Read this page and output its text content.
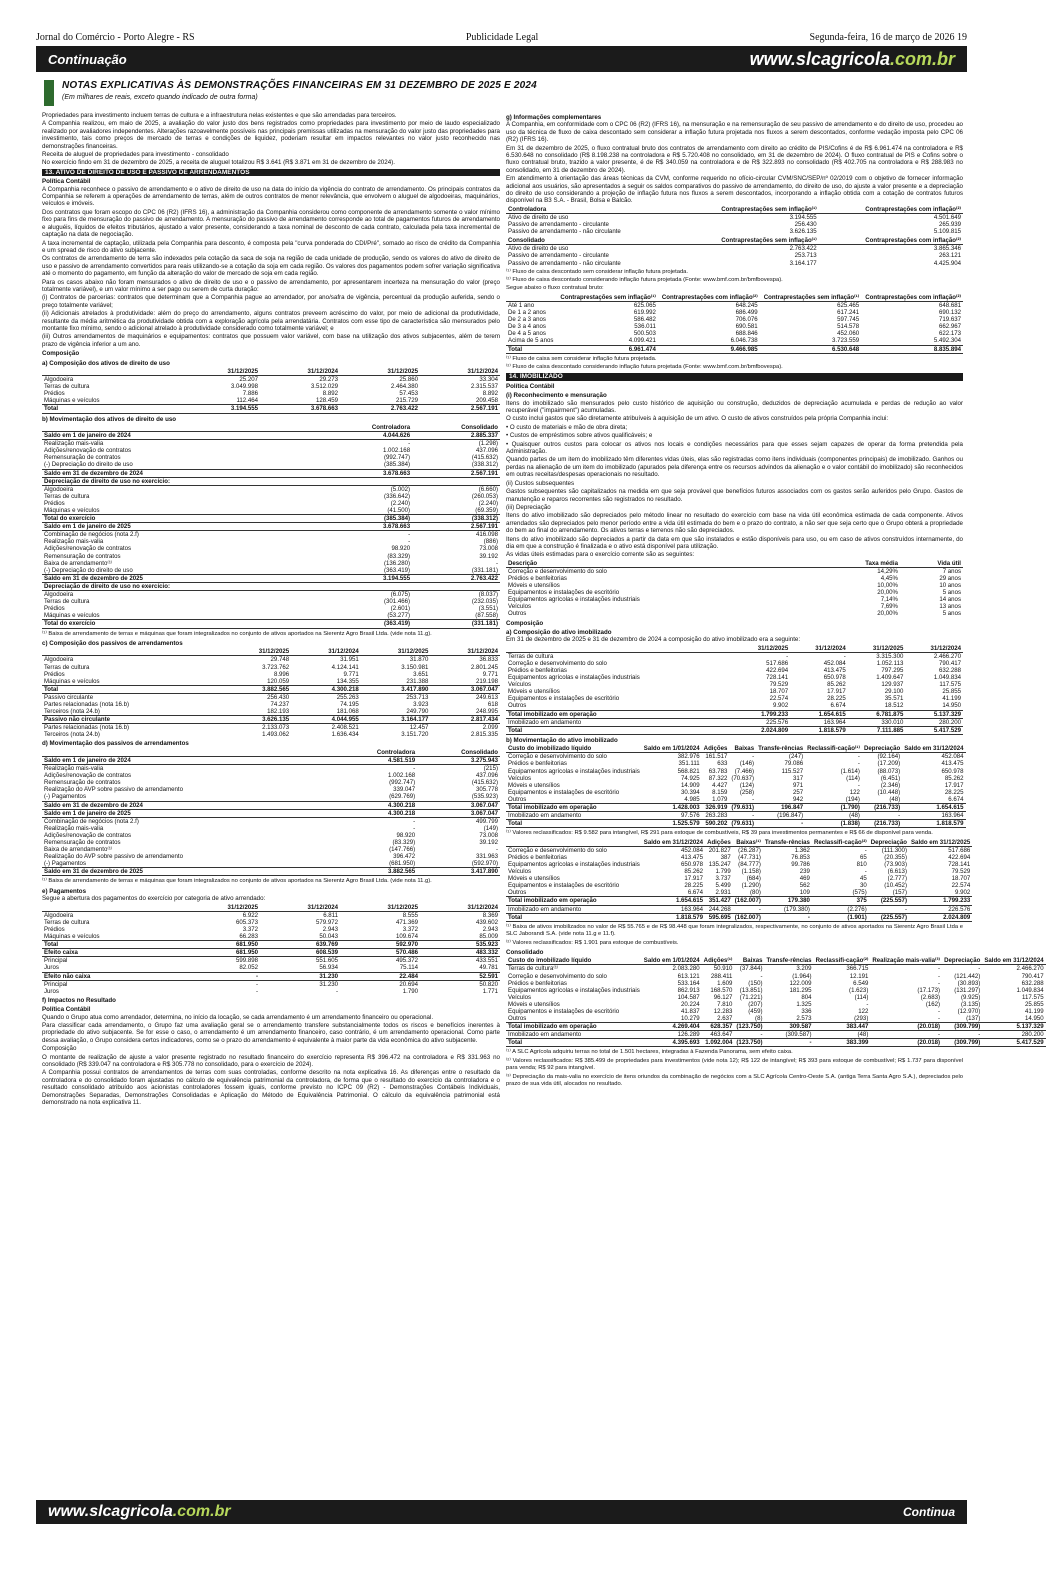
Jornal do Comércio - Porto Alegre - RS	Publicidade Legal	Segunda-feira, 16 de março de 2026 19
Continuação	www.slcagricola.com.br
NOTAS EXPLICATIVAS ÀS DEMONSTRAÇÕES FINANCEIRAS EM 31 DEZEMBRO DE 2025 E 2024
(Em milhares de reais, exceto quando indicado de outra forma)

Propriedades para investimento incluem terras de cultura e a infraestrutura nelas existentes e que são arrendadas para terceiros.

A Companhia realizou, em maio de 2025, a avaliação do valor justo dos bens registrados como propriedades para investimento por meio de laudo especializado realizado por avaliadores independentes. Alterações razoavelmente possíveis nas principais premissas utilizadas na mensuração do valor justo das propriedades para investimento, tais como preços de mercado de terras e condições de liquidez, poderiam resultar em impactos relevantes no valor justo reconhecido nas demonstrações financeiras.

Receita de aluguel de propriedades para investimento - consolidado

No exercício findo em 31 de dezembro de 2025, a receita de aluguel totalizou R$ 3.641 (R$ 3.871 em 31 de dezembro de 2024).

13. ATIVO DE DIREITO DE USO E PASSIVO DE ARRENDAMENTOS
Política Contábil

A Companhia reconhece o passivo de arrendamento e o ativo de direito de uso na data do início da vigência do contrato de arrendamento. Os principais contratos da Companhia se referem a operações de arrendamento de terras, além de outros contratos de menor relevância, que envolvem o aluguel de algodoeiras, maquinários, veículos e imóveis.

Dos contratos que foram escopo do CPC 06 (R2) (IFRS 16), a administração da Companhia considerou como componente de arrendamento somente o valor mínimo fixo para fins de mensuração do passivo de arrendamento. A mensuração do passivo de arrendamento corresponde ao total de pagamentos futuros de arrendamento e aluguéis, líquidos de efeitos tributários, ajustado a valor presente, considerando a taxa nominal de desconto de cada contrato, calculada pela taxa incremental de captação na data de negociação.

A taxa incremental de captação, utilizada pela Companhia para desconto, é composta pela "curva ponderada do CDI/Pré", somado ao risco de crédito da Companhia e um spread de risco do ativo subjacente.

Os contratos de arrendamento de terra são indexados pela cotação da saca de soja na região de cada unidade de produção, sendo os valores do ativo de direito de uso e passivo de arrendamento convertidos para reais utilizando-se a cotação da soja em cada região. Os valores dos pagamentos podem sofrer variação significativa até o momento do pagamento, em função da alteração do valor de mercado de soja em cada região.

Para os casos abaixo não foram mensurados o ativo de direito de uso e o passivo de arrendamento, por apresentarem incerteza na mensuração do valor (preço totalmente variável), e um valor mínimo a ser pago ou serem de curta duração:

(i) Contratos de parcerias: contratos que determinam que a Companhia pague ao arrendador, por ano/safra de vigência, percentual da produção auferida, sendo o preço totalmente variável;

(ii) Adicionais atrelados à produtividade: além do preço do arrendamento, alguns contratos preveem acréscimo do valor, por meio de adicional da produtividade, resultante da média aritmética da produtividade obtida com a exploração agrícola pela arrendatária. Contratos com esse tipo de característica são mensurados pelo montante fixo mínimo, sendo o adicional atrelado à produtividade considerado como totalmente variável; e

(iii) Outros arrendamentos de maquinários e equipamentos: contratos que possuem valor variável, com base na utilização dos ativos subjacentes, além de terem prazo de vigência inferior a um ano.

Composição
a) Composição dos ativos de direito de uso
	31/12/2025	31/12/2024	31/12/2025	31/12/2024
Algodoeira	25.207	29.273	25.860	33.304
Terras de cultura	3.049.998	3.512.029	2.464.380	2.315.537
Prédios	7.886	8.892	57.453	8.892
Máquinas e veículos	112.464	128.459	215.729	209.458
Total	3.194.555	3.678.663	2.763.422	2.567.191
b) Movimentação dos ativos de direito de uso
	Controladora	Consolidado
Saldo em 1 de janeiro de 2024	4.044.626	2.885.337
Realização mais-valia	-	(1.298)
Adições/renovação de contratos	1.002.168	437.096
Remensuração de contratos	(992.747)	(415.632)
(-) Depreciação do direito de uso	(385.384)	(338.312)
Saldo em 31 de dezembro de 2024	3.678.663	2.567.191
Depreciação de direito de uso no exercício:		
Algodoeira	(5.002)	(6.660)
Terras de cultura	(336.642)	(260.053)
Prédios	(2.240)	(2.240)
Máquinas e veículos	(41.500)	(69.359)
Total do exercício	(385.384)	(338.312)
Saldo em 1 de janeiro de 2025	3.678.663	2.567.191
Combinação de negócios (nota 2.f)	-	416.098
Realização mais-valia	-	(886)
Adições/renovação de contratos	98.920	73.008
Remensuração de contratos	(83.329)	39.192
Baixa de arrendamento⁽¹⁾	(136.280)	-
(-) Depreciação do direito de uso	(363.419)	(331.181)
Saldo em 31 de dezembro de 2025	3.194.555	2.763.422
Depreciação de direito de uso no exercício:		
Algodoeira	(6.075)	(8.037)
Terras de cultura	(301.466)	(232.035)
Prédios	(2.601)	(3.551)
Máquinas e veículos	(53.277)	(87.558)
Total do exercício	(363.419)	(331.181)

⁽¹⁾ Baixa de arrendamento de terras e máquinas que foram integralizados no conjunto de ativos aportados na Sierentz Agro Brasil Ltda. (vide nota 11.g).

c) Composição dos passivos de arrendamentos
	31/12/2025	31/12/2024	31/12/2025	31/12/2024
Algodoeira	29.748	31.951	31.870	36.833
Terras de cultura	3.723.762	4.124.141	3.150.981	2.801.245
Prédios	8.996	9.771	3.651	9.771
Máquinas e veículos	120.059	134.355	231.388	219.198
Total	3.882.565	4.300.218	3.417.890	3.067.047
Passivo circulante	256.430	255.263	253.713	249.613
Partes relacionadas (nota 16.b)	74.237	74.195	3.923	618
Terceiros (nota 24.b)	182.193	181.068	249.790	248.995
Passivo não circulante	3.626.135	4.044.955	3.164.177	2.817.434
Partes relacionadas (nota 16.b)	2.133.073	2.408.521	12.457	2.099
Terceiros (nota 24.b)	1.493.062	1.636.434	3.151.720	2.815.335
d) Movimentação dos passivos de arrendamentos
	Controladora	Consolidado
Saldo em 1 de janeiro de 2024	4.581.519	3.275.943
Realização mais-valia	-	(215)
Adições/renovação de contratos	1.002.168	437.096
Remensuração de contratos	(992.747)	(415.632)
Realização do AVP sobre passivo de arrendamento	339.047	305.778
(-) Pagamentos	(629.769)	(535.923)
Saldo em 31 de dezembro de 2024	4.300.218	3.067.047
Saldo em 1 de janeiro de 2025	4.300.218	3.067.047
Combinação de negócios (nota 2.f)	-	499.799
Realização mais-valia	-	(149)
Adições/renovação de contratos	98.920	73.008
Remensuração de contratos	(83.329)	39.192
Baixa de arrendamento⁽¹⁾	(147.766)	-
Realização do AVP sobre passivo de arrendamento	396.472	331.963
(-) Pagamentos	(681.950)	(592.970)
Saldo em 31 de dezembro de 2025	3.882.565	3.417.890

⁽¹⁾ Baixa de arrendamento de terras e máquinas que foram integralizados no conjunto de ativos aportados na Sierentz Agro Brasil Ltda. (vide nota 11.g).

e) Pagamentos

Segue a abertura dos pagamentos do exercício por categoria de ativo arrendado:

	31/12/2025	31/12/2024	31/12/2025	31/12/2024
Algodoeira	6.922	6.811	8.555	8.369
Terras de cultura	605.373	579.972	471.369	439.602
Prédios	3.372	2.943	3.372	2.943
Máquinas e veículos	66.283	50.043	109.674	85.009
Total	681.950	639.769	592.970	535.923
Efeito caixa	681.950	608.539	570.486	483.332
Principal	599.898	551.605	495.372	433.551
Juros	82.052	56.934	75.114	49.781
Efeito não caixa	-	31.230	22.484	52.591
Principal	-	31.230	20.694	50.820
Juros	-	-	1.790	1.771
f) Impactos no Resultado
Política Contábil

Quando o Grupo atua como arrendador, determina, no início da locação, se cada arrendamento é um arrendamento financeiro ou operacional.

Para classificar cada arrendamento, o Grupo faz uma avaliação geral se o arrendamento transfere substancialmente todos os riscos e benefícios inerentes à propriedade do ativo subjacente. Se for esse o caso, o arrendamento é um arrendamento financeiro, caso contrário, é um arrendamento operacional. Como parte dessa avaliação, o Grupo considera certos indicadores, como se o prazo do arrendamento é equivalente à maior parte da vida econômica do ativo subjacente.

Composição

O montante de realização de ajuste a valor presente registrado no resultado financeiro do exercício representa R$ 396.472 na controladora e R$ 331.963 no consolidado (R$ 339.047 na controladora e R$ 305.778 no consolidado, para o exercício de 2024).

A Companhia possui contratos de arrendamentos de terras com suas controladas, conforme descrito na nota explicativa 16. As diferenças entre o resultado da controladora e do consolidado foram ajustadas no cálculo de equivalência patrimonial da controladora, de forma que o resultado do exercício da controladora e o resultado consolidado atribuído aos acionistas controladores fossem iguais, conforme previsto no ICPC 09 (R2) - Demonstrações Contábeis Individuais, Demonstrações Separadas, Demonstrações Consolidadas e Aplicação do Método de Equivalência Patrimonial. O cálculo da equivalência patrimonial está demonstrado na nota explicativa 11.

g) Informações complementares

A Companhia, em conformidade com o CPC 06 (R2) (IFRS 16), na mensuração e na remensuração de seu passivo de arrendamento e do direito de uso, procedeu ao uso da técnica de fluxo de caixa descontado sem considerar a inflação futura projetada nos fluxos a serem descontados, conforme vedação imposta pelo CPC 06 (R2) (IFRS 16).

Em 31 de dezembro de 2025, o fluxo contratual bruto dos contratos de arrendamento com direito ao crédito de PIS/Cofins é de R$ 6.961.474 na controladora e R$ 6.530.648 no consolidado (R$ 8.198.238 na controladora e R$ 5.720.408 no consolidado, em 31 de dezembro de 2024). O fluxo contratual de PIS e Cofins sobre o fluxo contratual bruto, trazido a valor presente, é de R$ 340.059 na controladora e de R$ 322.893 no consolidado (R$ 402.705 na controladora e R$ 288.983 no consolidado, em 31 de dezembro de 2024).

Em atendimento à orientação das áreas técnicas da CVM, conforme requerido no ofício-circular CVM/SNC/SEP/nº 02/2019 com o objetivo de fornecer informação adicional aos usuários, são apresentados a seguir os saldos comparativos do passivo de arrendamento, do direito de uso, do ajuste a valor presente e a depreciação do direito de uso considerando a projeção de inflação futura nos fluxos a serem descontados, incorporando a inflação obtida com a cotação de contratos futuros disponível na B3 S.A. - Brasil, Bolsa e Balcão.

Controladora	Contraprestações sem inflação⁽¹⁾	Contraprestações com inflação⁽²⁾
Ativo de direito de uso	3.194.555	4.501.649
Passivo de arrendamento - circulante	256.430	265.939
Passivo de arrendamento - não circulante	3.626.135	5.109.815
Consolidado	Contraprestações sem inflação⁽¹⁾	Contraprestações com inflação⁽²⁾
Ativo de direito de uso	2.763.422	3.865.346
Passivo de arrendamento - circulante	253.713	263.121
Passivo de arrendamento - não circulante	3.164.177	4.425.904

⁽¹⁾ Fluxo de caixa descontado sem considerar inflação futura projetada.

⁽²⁾ Fluxo de caixa descontado considerando inflação futura projetada (Fonte: www.bmf.com.br/bmfbovespa).

Segue abaixo o fluxo contratual bruto:

	Contraprestações sem inflação⁽¹⁾	Contraprestações com inflação⁽²⁾	Contraprestações sem inflação⁽¹⁾	Contraprestações com inflação⁽²⁾
Até 1 ano	625.065	648.245	625.465	648.681
De 1 a 2 anos	619.992	686.499	617.241	690.132
De 2 a 3 anos	586.482	706.076	597.745	719.637
De 3 a 4 anos	536.011	690.581	514.578	662.967
De 4 a 5 anos	500.503	688.846	452.060	622.173
Acima de 5 anos	4.099.421	6.046.738	3.723.559	5.492.304
Total	6.961.474	9.466.985	6.530.648	8.835.894

⁽¹⁾ Fluxo de caixa sem considerar inflação futura projetada.

⁽²⁾ Fluxo de caixa descontado considerando inflação futura projetada (Fonte: www.bmf.com.br/bmfbovespa).

14. IMOBILIZADO
Política Contábil
(i) Reconhecimento e mensuração

Itens do imobilizado são mensurados pelo custo histórico de aquisição ou construção, deduzidos de depreciação acumulada e perdas de redução ao valor recuperável ("impairment") acumuladas.

O custo inclui gastos que são diretamente atribuíveis à aquisição de um ativo. O custo de ativos construídos pela própria Companhia inclui:

• O custo de materiais e mão de obra direta;

• Custos de empréstimos sobre ativos qualificáveis; e

• Quaisquer outros custos para colocar os ativos nos locais e condições necessários para que esses sejam capazes de operar da forma pretendida pela Administração.

Quando partes de um item do imobilizado têm diferentes vidas úteis, elas são registradas como itens individuais (componentes principais) de imobilizado. Ganhos ou perdas na alienação de um item do imobilizado (apurados pela diferença entre os recursos advindos da alienação e o valor contábil do imobilizado) são reconhecidos em outras receitas/despesas operacionais no resultado.

(ii) Custos subsequentes

Gastos subsequentes são capitalizados na medida em que seja provável que benefícios futuros associados com os gastos serão auferidos pelo Grupo. Gastos de manutenção e reparos recorrentes são registrados no resultado.

(iii) Depreciação

Itens do ativo imobilizado são depreciados pelo método linear no resultado do exercício com base na vida útil econômica estimada de cada componente. Ativos arrendados são depreciados pelo menor período entre a vida útil estimada do bem e o prazo do contrato, a não ser que seja certo que o Grupo obterá a propriedade do bem ao final do arrendamento. Os ativos terras e terrenos não são depreciados.

Itens do ativo imobilizado são depreciados a partir da data em que são instalados e estão disponíveis para uso, ou em caso de ativos construídos internamente, do dia em que a construção é finalizada e o ativo está disponível para utilização.

As vidas úteis estimadas para o exercício corrente são as seguintes:

Descrição	Taxa média	Vida útil
Correção e desenvolvimento do solo	14,29%	7 anos
Prédios e benfeitorias	4,45%	29 anos
Móveis e utensílios	10,00%	10 anos
Equipamentos e instalações de escritório	20,00%	5 anos
Equipamentos agrícolas e instalações industriais	7,14%	14 anos
Veículos	7,69%	13 anos
Outros	20,00%	5 anos
Composição
a) Composição do ativo imobilizado

Em 31 de dezembro de 2025 e 31 de dezembro de 2024 a composição do ativo imobilizado era a seguinte:

	31/12/2025	31/12/2024	31/12/2025	31/12/2024
Terras de cultura	-	-	3.315.300	2.466.270
Correção e desenvolvimento do solo	517.686	452.084	1.052.113	790.417
Prédios e benfeitorias	422.694	413.475	797.295	632.288
Equipamentos agrícolas e instalações industriais	728.141	650.978	1.409.647	1.049.834
Veículos	79.529	85.262	129.937	117.575
Móveis e utensílios	18.707	17.917	29.100	25.855
Equipamentos e instalações de escritório	22.574	28.225	35.571	41.199
Outros	9.902	6.674	18.512	14.950
Total imobilizado em operação	1.799.233	1.654.615	6.781.875	5.137.329
Imobilizado em andamento	225.576	163.964	330.010	280.200
Total	2.024.809	1.818.579	7.111.885	5.417.529
b) Movimentação do ativo imobilizado
Custo do imobilizado líquido	Saldo em 1/01/2024	Adições	Baixas	Transfe-rências	Reclassifi-cação⁽¹⁾	Depreciação	Saldo em 31/12/2024
Correção e desenvolvimento do solo	382.976	161.517	-	(247)	-	(92.164)	452.084
Prédios e benfeitorias	351.111	633	(146)	79.086	-	(17.209)	413.475
Equipamentos agrícolas e instalações industriais	568.821	63.783	(7.466)	115.527	(1.614)	(88.073)	650.978
Veículos	74.925	87.322	(70.637)	317	(114)	(6.451)	85.262
Móveis e utensílios	14.909	4.427	(124)	971	-	(2.346)	17.917
Equipamentos e instalações de escritório	30.394	8.159	(258)	257	122	(10.448)	28.225
Outros	4.985	1.079	-	942	(194)	(48)	6.674
Total imobilizado em operação	1.428.003	326.919	(79.631)	196.847	(1.790)	(216.733)	1.654.615
Imobilizado em andamento	97.576	263.283	-	(196.847)	(48)	-	163.964
Total	1.525.579	590.202	(79.631)	-	(1.838)	(216.733)	1.818.579

⁽¹⁾ Valores reclassificados: R$ 9.582 para intangível, R$ 291 para estoque de combustíveis, R$ 39 para investimentos permanentes e R$ 66 de disponível para venda.

	Saldo em 31/12/2024	Adições	Baixas⁽¹⁾	Transfe-rências	Reclassifi-cação⁽²⁾	Depreciação	Saldo em 31/12/2025
Correção e desenvolvimento do solo	452.084	201.827	(26.287)	1.362	-	(111.300)	517.686
Prédios e benfeitorias	413.475	387	(47.731)	76.853	65	(20.355)	422.694
Equipamentos agrícolas e instalações industriais	650.978	135.247	(84.777)	99.786	810	(73.903)	728.141
Veículos	85.262	1.799	(1.158)	239	-	(6.613)	79.529
Móveis e utensílios	17.917	3.737	(684)	469	45	(2.777)	18.707
Equipamentos e instalações de escritório	28.225	5.499	(1.290)	562	30	(10.452)	22.574
Outros	6.674	2.931	(80)	109	(575)	(157)	9.902
Total imobilizado em operação	1.654.615	351.427	(162.007)	179.380	375	(225.557)	1.799.233
Imobilizado em andamento	163.964	244.268	-	(179.380)	(2.276)	-	226.576
Total	1.818.579	595.695	(162.007)	-	(1.901)	(225.557)	2.024.809

⁽¹⁾ Baixa de ativos imobilizados no valor de R$ 55.765 e de R$ 98.448 que foram integralizados, respectivamente, no conjunto de ativos aportados na Sierentz Agro Brasil Ltda e SLC Jaborandi S.A. (vide nota 11.g e 11.f).

⁽²⁾ Valores reclassificados: R$ 1.901 para estoque de combustíveis.

Consolidado
Custo do imobilizado líquido	Saldo em 1/01/2024	Adições⁽¹⁾	Baixas	Transfe-rências	Reclassifi-cação⁽²⁾	Realização mais-valia⁽³⁾	Depreciação	Saldo em 31/12/2024
Terras de cultura⁽¹⁾	2.083.280	50.910	(37.844)	3.209	366.715	-	-	2.466.270
Correção e desenvolvimento do solo	613.121	288.411	-	(1.964)	12.191	-	(121.442)	790.417
Prédios e benfeitorias	533.164	1.609	(150)	122.009	6.549	-	(30.893)	632.288
Equipamentos agrícolas e instalações industriais	862.913	168.570	(13.851)	181.295	(1.623)	(17.173)	(131.297)	1.049.834
Veículos	104.587	96.127	(71.221)	804	(114)	(2.683)	(9.925)	117.575
Móveis e utensílios	20.224	7.810	(207)	1.325	-	(162)	(3.135)	25.855
Equipamentos e instalações de escritório	41.837	12.283	(459)	336	122	-	(12.970)	41.199
Outros	10.279	2.637	(8)	2.573	(293)	-	(137)	14.950
Total imobilizado em operação	4.269.404	628.357	(123.750)	309.587	383.447	(20.018)	(309.799)	5.137.329
Imobilizado em andamento	126.289	463.647	-	(309.587)	(48)	-	-	280.200
Total	4.395.693	1.092.004	(123.750)	-	383.399	(20.018)	(309.799)	5.417.529

⁽¹⁾ A SLC Agrícola adquiriu terras no total de 1.501 hectares, integradas à Fazenda Panorama, sem efeito caixa.

⁽²⁾ Valores reclassificados: R$ 385.499 de propriedades para investimentos (vide nota 12); R$ 122 de intangível; R$ 393 para estoque de combustível; R$ 1.737 para disponível para venda; R$ 92 para intangível.

⁽³⁾ Depreciação da mais-valia no exercício de itens oriundos da combinação de negócios com a SLC Agrícola Centro-Oeste S.A. (antiga Terra Santa Agro S.A.), depreciados pelo prazo de sua vida útil, alocados no resultado.

www.slcagricola.com.br	Continua
